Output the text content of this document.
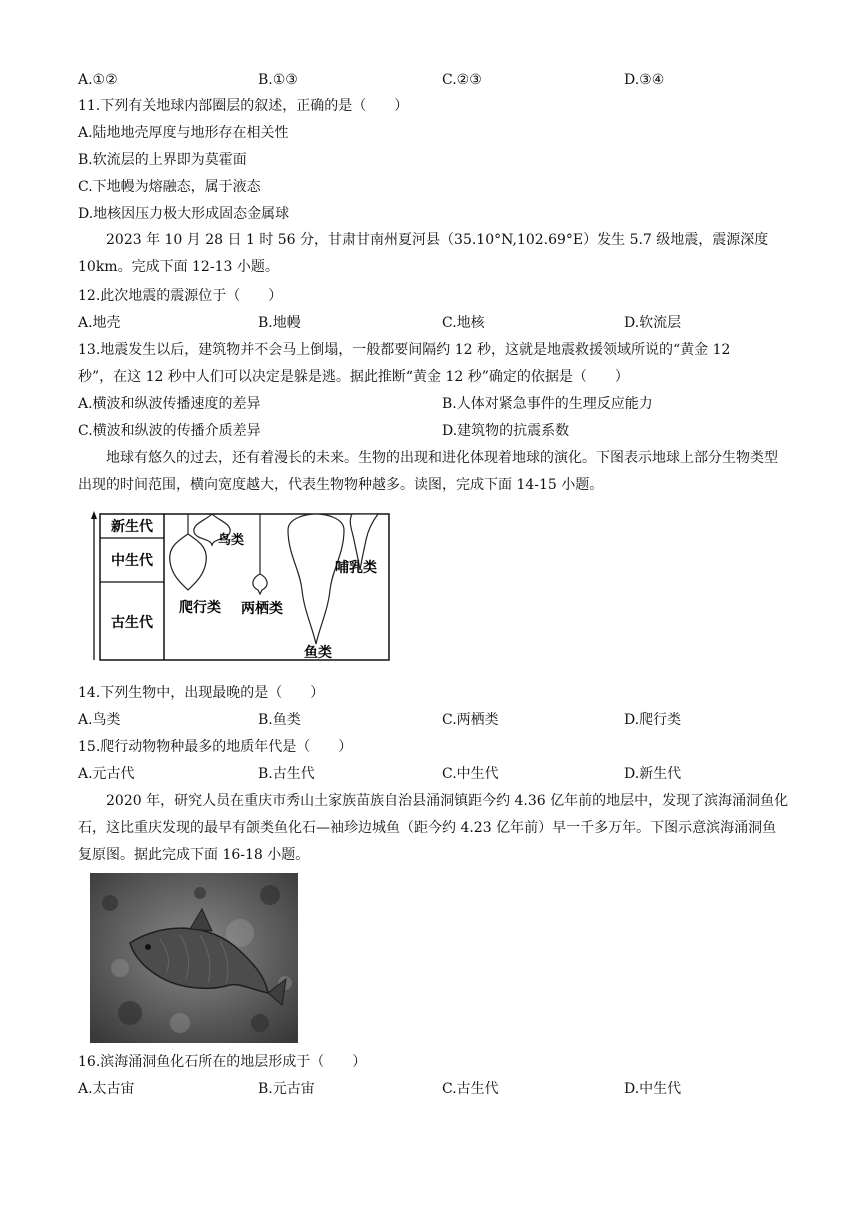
A.①②	B.①③	C.②③	D.③④
11.下列有关地球内部圈层的叙述，正确的是（　　）
A.陆地地壳厚度与地形存在相关性
B.软流层的上界即为莫霍面
C.下地幔为熔融态，属于液态
D.地核因压力极大形成固态金属球
2023 年 10 月 28 日 1 时 56 分，甘肃甘南州夏河县（35.10°N,102.69°E）发生 5.7 级地震，震源深度 10km。完成下面 12-13 小题。
12.此次地震的震源位于（　　）
A.地壳	B.地幔	C.地核	D.软流层
13.地震发生以后，建筑物并不会马上倒塌，一般都要间隔约 12 秒，这就是地震救援领域所说的“黄金 12
秒”，在这 12 秒中人们可以决定是躲是逃。据此推断“黄金 12 秒”确定的依据是（　　）
A.横波和纵波传播速度的差异	B.人体对紧急事件的生理反应能力
C.横波和纵波的传播介质差异	D.建筑物的抗震系数
地球有悠久的过去，还有着漫长的未来。生物的出现和进化体现着地球的演化。下图表示地球上部分生物类型出现的时间范围，横向宽度越大，代表生物物种越多。读图，完成下面 14-15 小题。
新生代
中生代
古生代
鸟类
爬行类 两栖类
鱼类
哺乳类
14.下列生物中，出现最晚的是（　　）
A.鸟类	B.鱼类	C.两栖类	D.爬行类
15.爬行动物物种最多的地质年代是（　　）
A.元古代	B.古生代	C.中生代	D.新生代
2020 年，研究人员在重庆市秀山土家族苗族自治县涌洞镇距今约 4.36 亿年前的地层中，发现了滨海涌洞鱼化石，这比重庆发现的最早有颌类鱼化石—袖珍边城鱼（距今约 4.23 亿年前）早一千多万年。下图示意滨海涌洞鱼复原图。据此完成下面 16-18 小题。
16.滨海涌洞鱼化石所在的地层形成于（　　）
A.太古宙	B.元古宙	C.古生代	D.中生代
